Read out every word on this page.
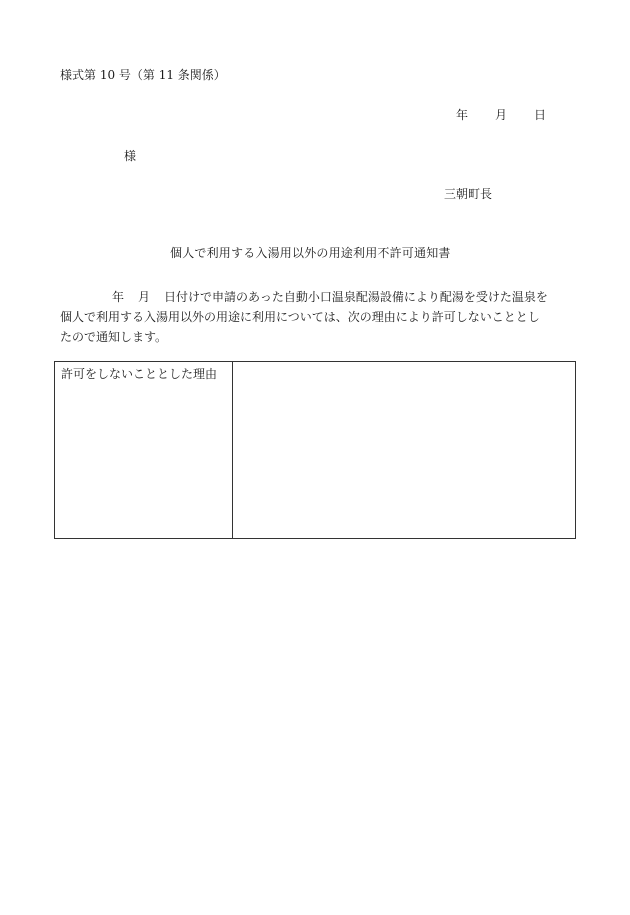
様式第 10 号（第 11 条関係）
年 月 日
様
三朝町長
個人で利用する入湯用以外の用途利用不許可通知書
年 月 日付けで申請のあった自動小口温泉配湯設備により配湯を受けた温泉を
個人で利用する入湯用以外の用途に利用については、次の理由により許可しないこととし
たので通知します。
許可をしないこととした理由
